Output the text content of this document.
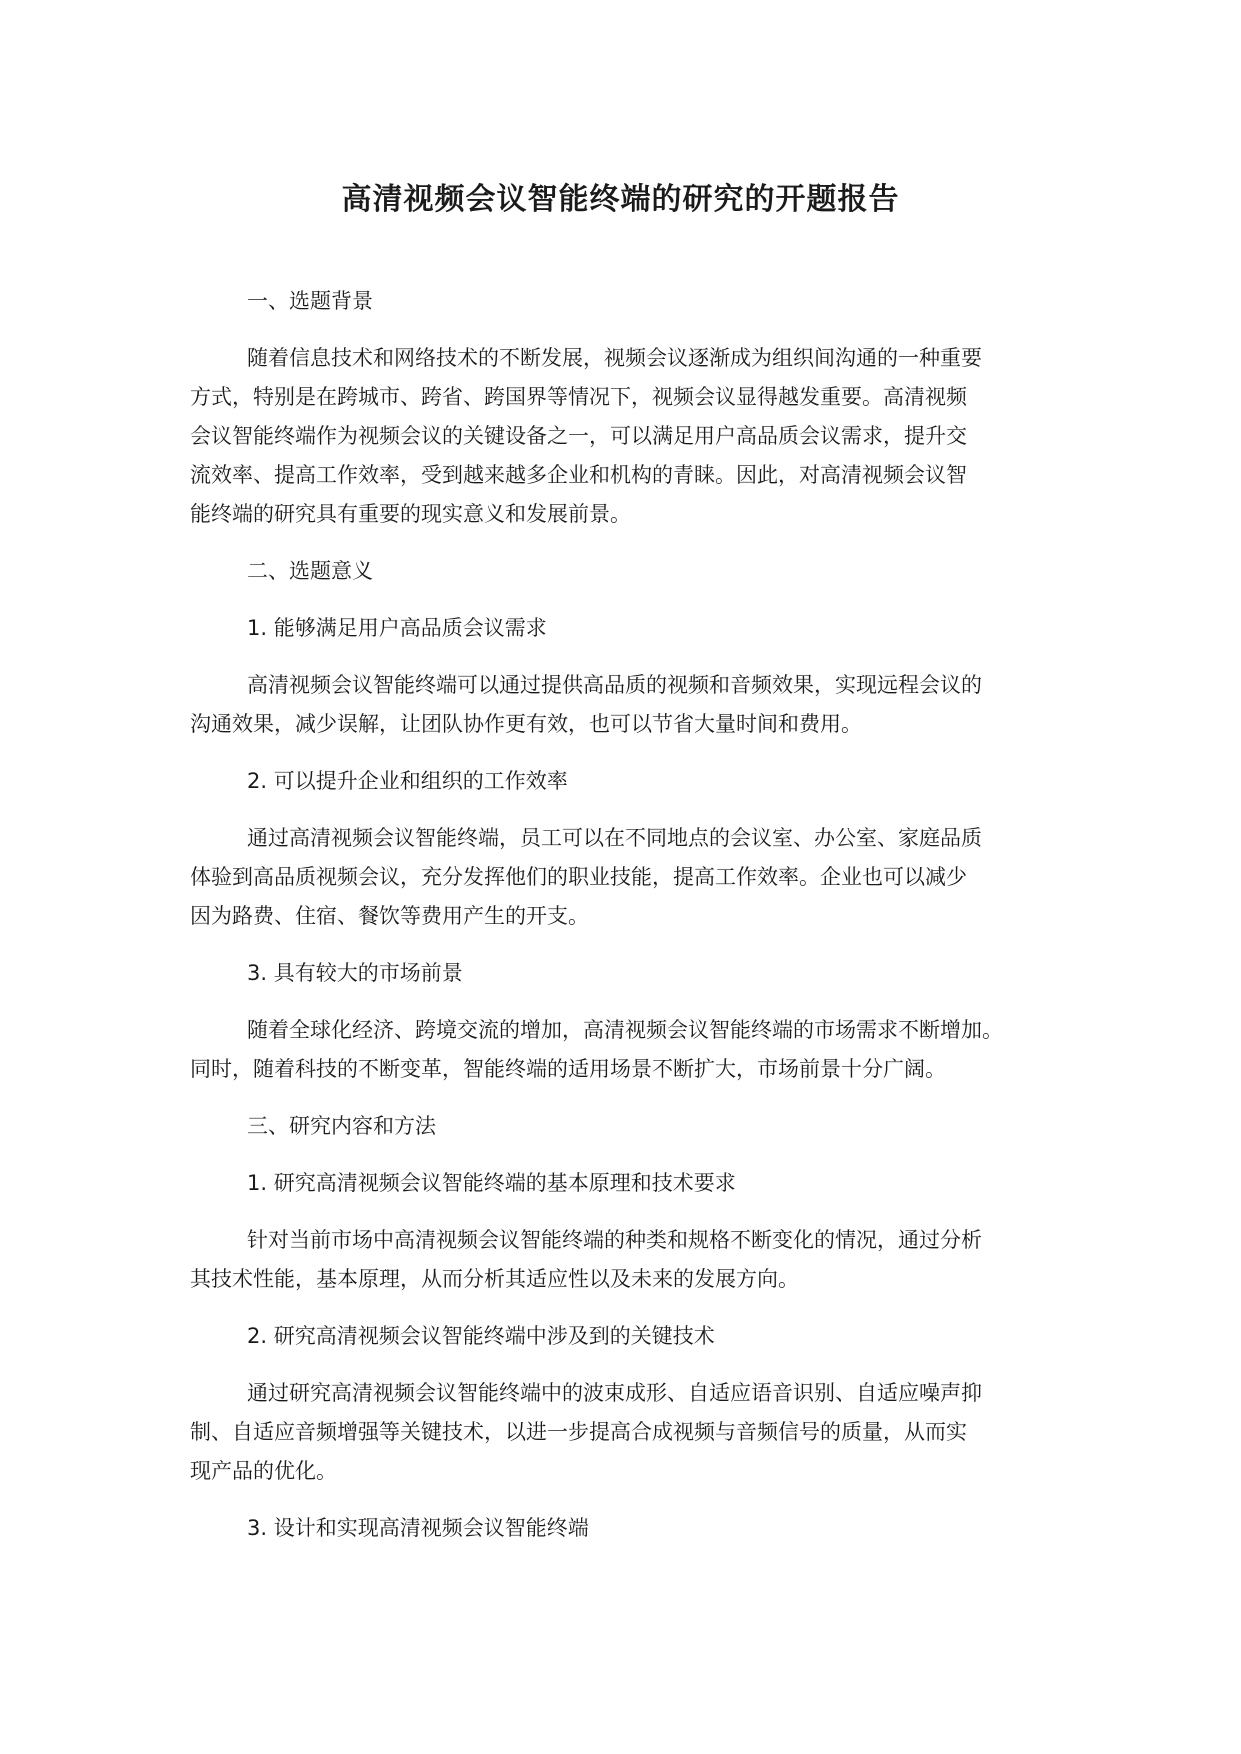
高清视频会议智能终端的研究的开题报告
一、选题背景
随着信息技术和网络技术的不断发展，视频会议逐渐成为组织间沟通的一种重要
方式，特别是在跨城市、跨省、跨国界等情况下，视频会议显得越发重要。高清视频
会议智能终端作为视频会议的关键设备之一，可以满足用户高品质会议需求，提升交
流效率、提高工作效率，受到越来越多企业和机构的青睐。因此，对高清视频会议智
能终端的研究具有重要的现实意义和发展前景。
二、选题意义
1. 能够满足用户高品质会议需求
高清视频会议智能终端可以通过提供高品质的视频和音频效果，实现远程会议的
沟通效果，减少误解，让团队协作更有效，也可以节省大量时间和费用。
2. 可以提升企业和组织的工作效率
通过高清视频会议智能终端，员工可以在不同地点的会议室、办公室、家庭品质
体验到高品质视频会议，充分发挥他们的职业技能，提高工作效率。企业也可以减少
因为路费、住宿、餐饮等费用产生的开支。
3. 具有较大的市场前景
随着全球化经济、跨境交流的增加，高清视频会议智能终端的市场需求不断增加。
同时，随着科技的不断变革，智能终端的适用场景不断扩大，市场前景十分广阔。
三、研究内容和方法
1. 研究高清视频会议智能终端的基本原理和技术要求
针对当前市场中高清视频会议智能终端的种类和规格不断变化的情况，通过分析
其技术性能，基本原理，从而分析其适应性以及未来的发展方向。
2. 研究高清视频会议智能终端中涉及到的关键技术
通过研究高清视频会议智能终端中的波束成形、自适应语音识别、自适应噪声抑
制、自适应音频增强等关键技术，以进一步提高合成视频与音频信号的质量，从而实
现产品的优化。
3. 设计和实现高清视频会议智能终端
